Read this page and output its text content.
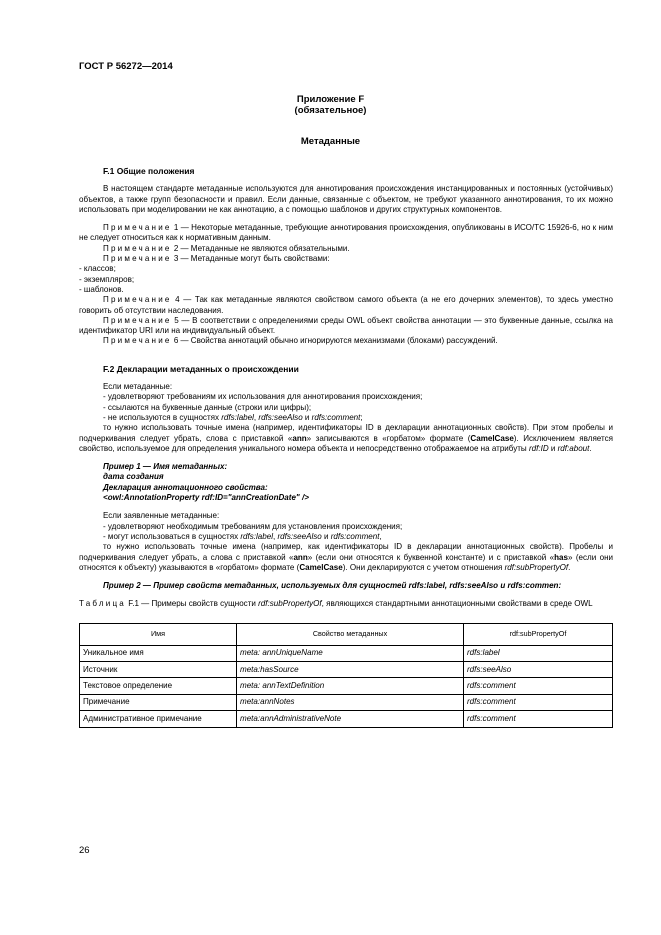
ГОСТ Р 56272—2014
Приложение F
(обязательное)
Метаданные

F.1 Общие положения

В настоящем стандарте метаданные используются для аннотирования происхождения инстанцированных и постоянных (устойчивых) объектов, а также групп безопасности и правил. Если данные, связанные с объектом, не требуют указанного аннотирования, то их можно использовать при моделировании не как аннотацию, а с помощью шаблонов и других структурных компонентов.

Примечание 1 — Некоторые метаданные, требующие аннотирования происхождения, опубликованы в ИСО/ТС 15926-6, но к ним не следует относиться как к нормативным данным.

Примечание 2 — Метаданные не являются обязательными.

Примечание 3 — Метаданные могут быть свойствами:

- классов;

- экземпляров;

- шаблонов.

Примечание 4 — Так как метаданные являются свойством самого объекта (а не его дочерних элементов), то здесь уместно говорить об отсутствии наследования.

Примечание 5 — В соответствии с определениями среды OWL объект свойства аннотации — это буквенные данные, ссылка на идентификатор URI или на индивидуальный объект.

Примечание 6 — Свойства аннотаций обычно игнорируются механизмами (блоками) рассуждений.

F.2 Декларации метаданных о происхождении

Если метаданные:

- удовлетворяют требованиям их использования для аннотирования происхождения;

- ссылаются на буквенные данные (строки или цифры);

- не используются в сущностях rdfs:label, rdfs:seeAlso и rdfs:comment;

то нужно использовать точные имена (например, идентификаторы ID в декларации аннотационных свойств). При этом пробелы и подчеркивания следует убрать, слова с приставкой «ann» записываются в «горбатом» формате (CamelCase). Исключением является свойство, используемое для определения уникального номера объекта и непосредственно отображаемое на атрибуты rdf:ID и rdf:about.

Пример 1 — Имя метаданных:

дата создания

Декларация аннотационного свойства:

<owl:AnnotationProperty rdf:ID="annCreationDate" />

Если заявленные метаданные:

- удовлетворяют необходимым требованиям для установления происхождения;

- могут использоваться в сущностях rdfs:label, rdfs:seeAlso и rdfs:comment,

то нужно использовать точные имена (например, как идентификаторы ID в декларации аннотационных свойств). Пробелы и подчеркивания следует убрать, а слова с приставкой «ann» (если они относятся к буквенной константе) и с приставкой «has» (если они относятся к объекту) указываются в «горбатом» формате (CamelCase). Они декларируются с учетом отношения rdf:subPropertyOf.

Пример 2 — Пример свойств метаданных, используемых для сущностей rdfs:label, rdfs:seeAlso и rdfs:commen:

Таблица F.1 — Примеры свойств сущности rdf:subPropertyOf, являющихся стандартными аннотационными свойствами в среде OWL

Имя	Свойство метаданных	rdf:subPropertyOf
Уникальное имя	meta: annUniqueName	rdfs:label
Источник	meta:hasSource	rdfs:seeAlso
Текстовое определение	meta: annTextDefinition	rdfs:comment
Примечание	meta:annNotes	rdfs:comment
Административное примечание	meta:annAdministrativeNote	rdfs:comment
26
